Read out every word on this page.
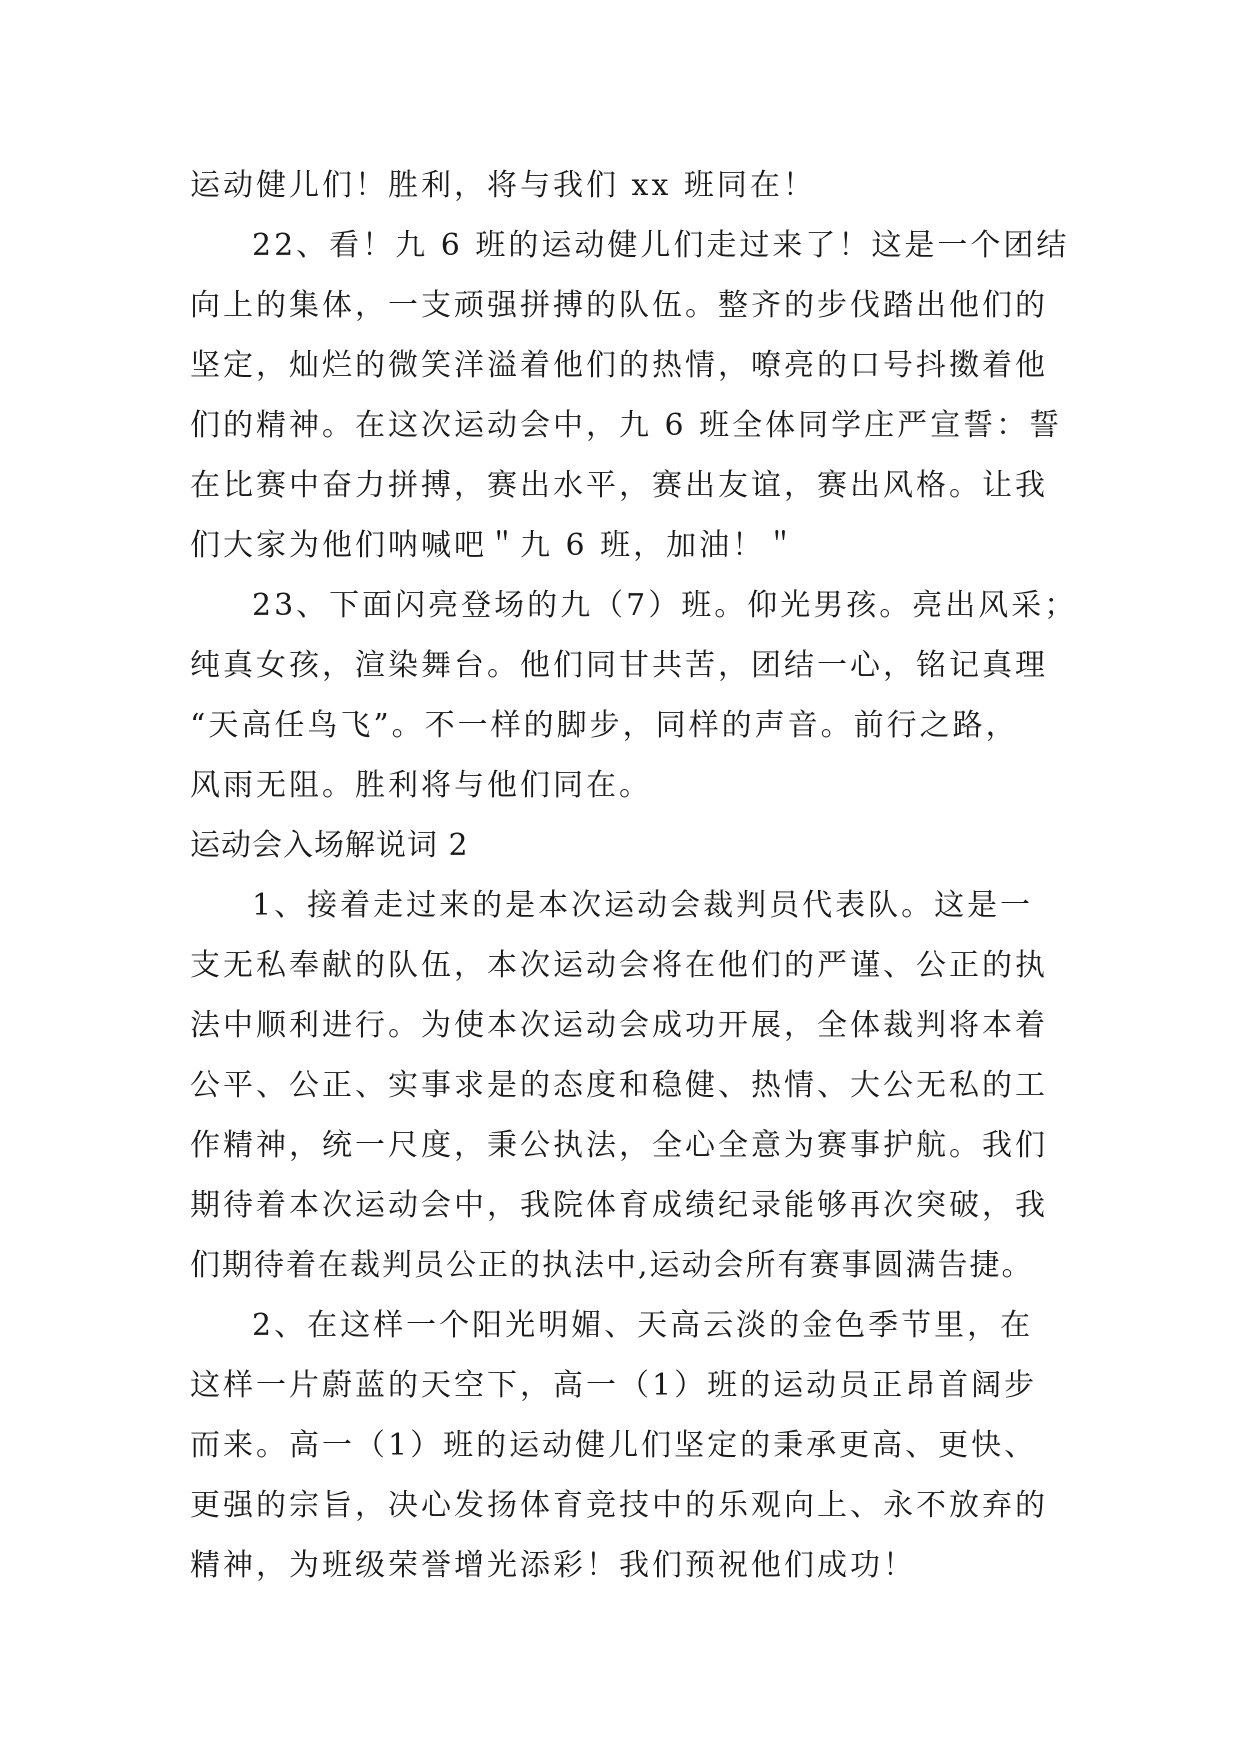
运动健儿们！胜利，将与我们 xx 班同在！
22、看！九 6 班的运动健儿们走过来了！这是一个团结
向上的集体，一支顽强拼搏的队伍。整齐的步伐踏出他们的
坚定，灿烂的微笑洋溢着他们的热情，嘹亮的口号抖擞着他
们的精神。在这次运动会中，九 6 班全体同学庄严宣誓：誓
在比赛中奋力拼搏，赛出水平，赛出友谊，赛出风格。让我
们大家为他们呐喊吧＂九 6 班，加油！＂
23、下面闪亮登场的九（7）班。仰光男孩。亮出风采；
纯真女孩，渲染舞台。他们同甘共苦，团结一心，铭记真理
“天高任鸟飞”。不一样的脚步，同样的声音。前行之路，
风雨无阻。胜利将与他们同在。
运动会入场解说词 2
1、接着走过来的是本次运动会裁判员代表队。这是一
支无私奉献的队伍，本次运动会将在他们的严谨、公正的执
法中顺利进行。为使本次运动会成功开展，全体裁判将本着
公平、公正、实事求是的态度和稳健、热情、大公无私的工
作精神，统一尺度，秉公执法，全心全意为赛事护航。我们
期待着本次运动会中，我院体育成绩纪录能够再次突破，我
们期待着在裁判员公正的执法中,运动会所有赛事圆满告捷。
2、在这样一个阳光明媚、天高云淡的金色季节里，在
这样一片蔚蓝的天空下，高一（1）班的运动员正昂首阔步
而来。高一（1）班的运动健儿们坚定的秉承更高、更快、
更强的宗旨，决心发扬体育竞技中的乐观向上、永不放弃的
精神，为班级荣誉增光添彩！我们预祝他们成功！
